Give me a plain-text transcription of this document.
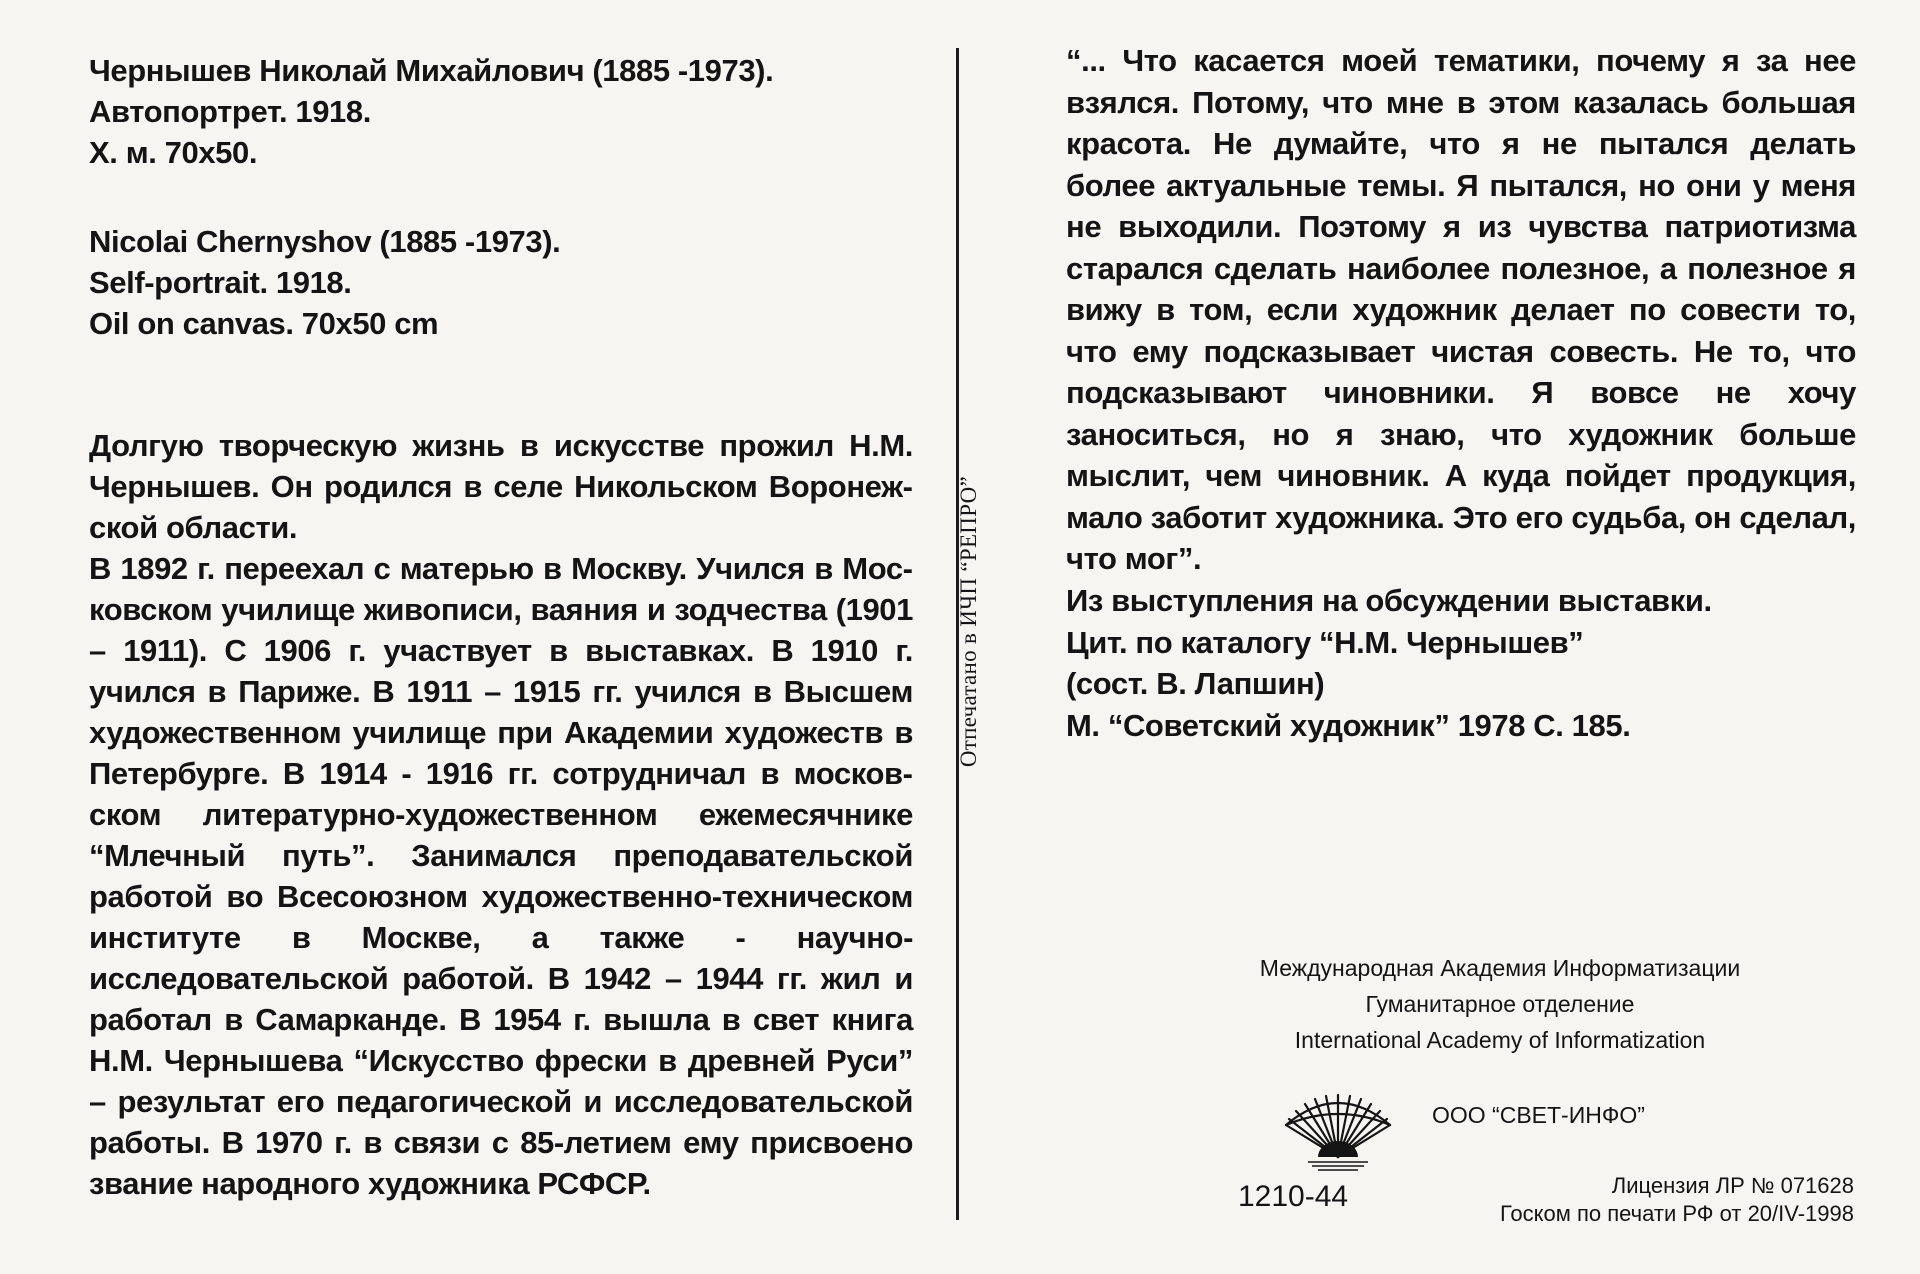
Чернышев Николай Михайлович (1885 -1973).
Автопортрет. 1918.
Х. м. 70х50.
Nicolai Chernyshov (1885 -1973).
Self-portrait. 1918.
Oil on canvas. 70x50 cm

Долгую творческую жизнь в искусстве прожил Н.М. Чернышев. Он родился в селе Никольском Воронежской области.

В 1892 г. переехал с матерью в Москву. Учился в Московском училище живописи, ваяния и зодчества (1901 – 1911). С 1906 г. участвует в выставках. В 1910 г. учился в Париже. В 1911 – 1915 гг. учился в Высшем художественном училище при Академии художеств в Петербурге. В 1914 - 1916 гг. сотрудничал в московском литературно-художественном ежемесячнике “Млечный путь”. Занимался преподавательской работой во Всесоюзном художественно-техническом институте в Москве, а также - научно-исследовательской работой. В 1942 – 1944 гг. жил и работал в Самарканде. В 1954 г. вышла в свет книга Н.М. Чернышева “Искусство фрески в древней Руси” – результат его педагогической и исследовательской работы. В 1970 г. в связи с 85-летием ему присвоено звание народного художника РСФСР.

Отпечатано в ИЧП “РЕПРО”
“... Что касается моей тематики, почему я за нее взялся. Потому, что мне в этом казалась большая красота. Не думайте, что я не пытался делать более актуальные темы. Я пытался, но они у меня не выходили. Поэтому я из чувства патриотизма старался сделать наиболее полезное, а полезное я вижу в том, если художник делает по совести то, что ему подсказывает чистая совесть. Не то, что подсказывают чиновники. Я вовсе не хочу заноситься, но я знаю, что художник больше мыслит, чем чиновник. А куда пойдет продукция, мало заботит художника. Это его судьба, он сделал, что мог”.
Из выступления на обсуждении выставки.
Цит. по каталогу “Н.М. Чернышев”
(сост. В. Лапшин)
М. “Советский художник” 1978 С. 185.
Международная Академия Информатизации
Гуманитарное отделение
International Academy of Informatization
ООО “СВЕТ-ИНФО”
1210-44	Лицензия ЛР № 071628
Госком по печати РФ от 20/IV-1998
